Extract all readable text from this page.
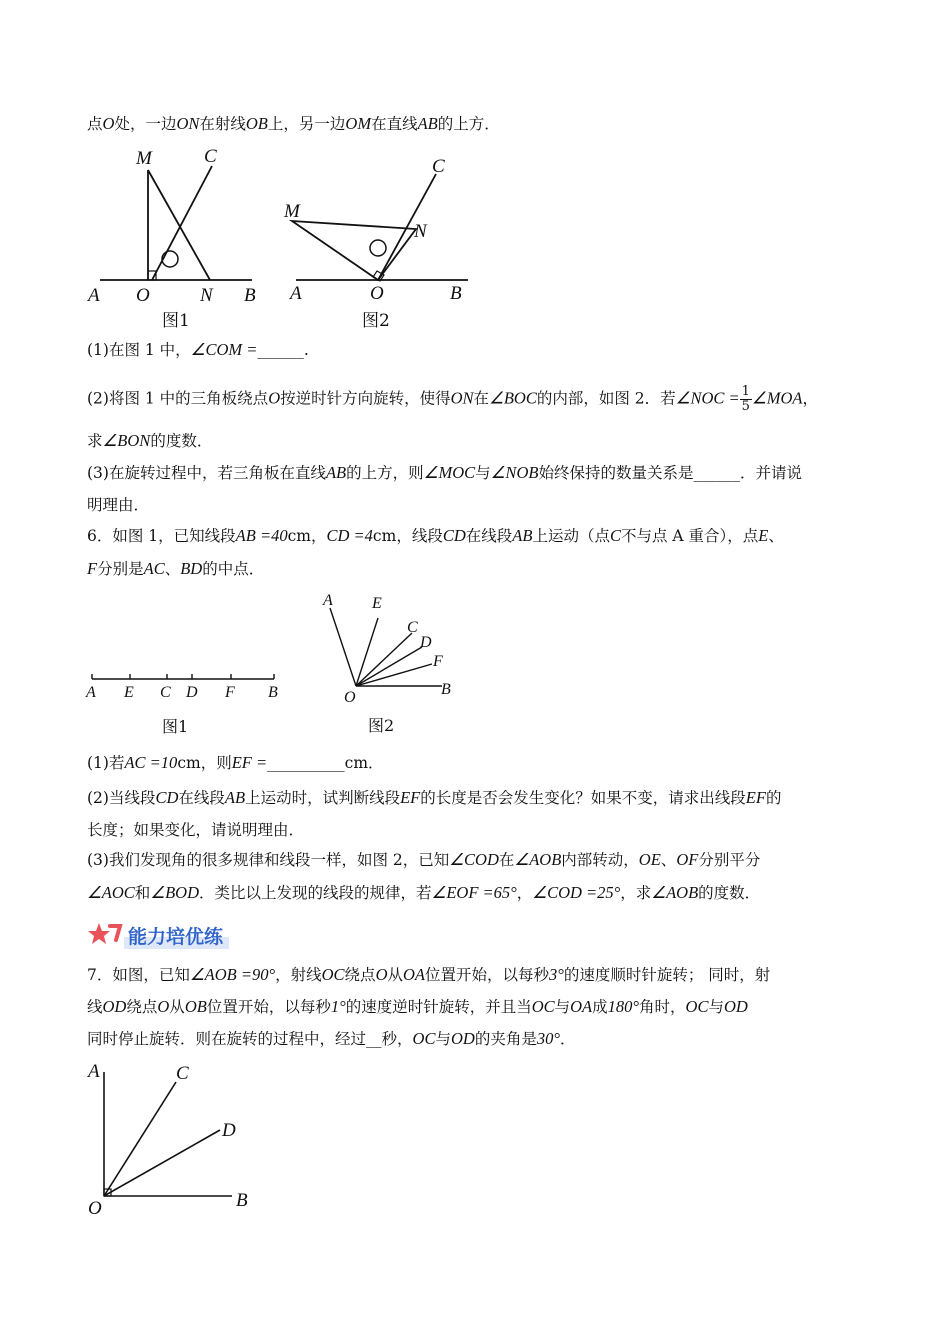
点O处，一边ON在射线OB上，另一边OM在直线AB的上方．
M	C
A O	N B
图1
M
N
C
A	O	B
图2
(1)在图 1 中，∠COM =______.
(2)将图 1 中的三角板绕点O按逆时针方向旋转，使得ON在∠BOC的内部，如图 2．若∠NOC = $\frac{1}{5}$ ∠MOA，
求∠BON的度数．
(3)在旋转过程中，若三角板在直线AB的上方，则∠MOC与∠NOB始终保持的数量关系是______．并请说
明理由．
6．如图 1，已知线段AB =40cm，CD =4cm，线段CD在线段AB上运动（点C不与点 A 重合），点E、
F分别是AC、BD的中点．
A E C D F B
图1
A E
C
D
F
B
O
图2
(1)若AC =10cm，则EF =__________cm．
(2)当线段CD在线段AB上运动时，试判断线段EF的长度是否会发生变化？如果不变，请求出线段EF的
长度；如果变化，请说明理由．
(3)我们发现角的很多规律和线段一样，如图 2，已知∠COD在∠AOB内部转动，OE、OF分别平分
∠AOC和∠BOD．类比以上发现的线段的规律，若∠EOF =65°，∠COD =25°，求∠AOB的度数．
能力培优练
7．如图，已知∠AOB =90°，射线OC绕点O从OA位置开始，以每秒3°的速度顺时针旋转； 同时，射
线OD绕点O从OB位置开始，以每秒1°的速度逆时针旋转，并且当OC与OA成180°角时，OC与OD
同时停止旋转．则在旋转的过程中，经过__秒，OC与OD的夹角是30°．
A	C
D
O	B
